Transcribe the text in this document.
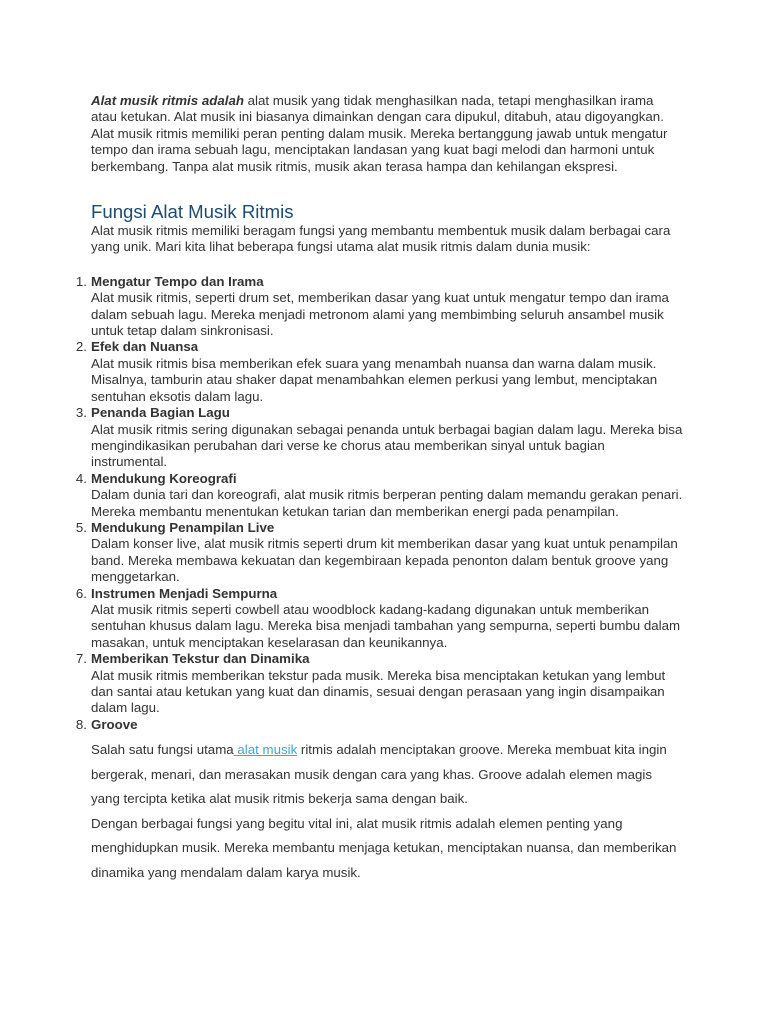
Alat musik ritmis adalah alat musik yang tidak menghasilkan nada, tetapi menghasilkan irama atau ketukan. Alat musik ini biasanya dimainkan dengan cara dipukul, ditabuh, atau digoyangkan.

Alat musik ritmis memiliki peran penting dalam musik. Mereka bertanggung jawab untuk mengatur tempo dan irama sebuah lagu, menciptakan landasan yang kuat bagi melodi dan harmoni untuk berkembang. Tanpa alat musik ritmis, musik akan terasa hampa dan kehilangan ekspresi.

Fungsi Alat Musik Ritmis

Alat musik ritmis memiliki beragam fungsi yang membantu membentuk musik dalam berbagai cara yang unik. Mari kita lihat beberapa fungsi utama alat musik ritmis dalam dunia musik:

1. Mengatur Tempo dan Irama
Alat musik ritmis, seperti drum set, memberikan dasar yang kuat untuk mengatur tempo dan irama dalam sebuah lagu. Mereka menjadi metronom alami yang membimbing seluruh ansambel musik untuk tetap dalam sinkronisasi.
2. Efek dan Nuansa
Alat musik ritmis bisa memberikan efek suara yang menambah nuansa dan warna dalam musik. Misalnya, tamburin atau shaker dapat menambahkan elemen perkusi yang lembut, menciptakan sentuhan eksotis dalam lagu.
3. Penanda Bagian Lagu
Alat musik ritmis sering digunakan sebagai penanda untuk berbagai bagian dalam lagu. Mereka bisa mengindikasikan perubahan dari verse ke chorus atau memberikan sinyal untuk bagian instrumental.
4. Mendukung Koreografi
Dalam dunia tari dan koreografi, alat musik ritmis berperan penting dalam memandu gerakan penari. Mereka membantu menentukan ketukan tarian dan memberikan energi pada penampilan.
5. Mendukung Penampilan Live
Dalam konser live, alat musik ritmis seperti drum kit memberikan dasar yang kuat untuk penampilan band. Mereka membawa kekuatan dan kegembiraan kepada penonton dalam bentuk groove yang menggetarkan.
6. Instrumen Menjadi Sempurna
Alat musik ritmis seperti cowbell atau woodblock kadang-kadang digunakan untuk memberikan sentuhan khusus dalam lagu. Mereka bisa menjadi tambahan yang sempurna, seperti bumbu dalam masakan, untuk menciptakan keselarasan dan keunikannya.
7. Memberikan Tekstur dan Dinamika
Alat musik ritmis memberikan tekstur pada musik. Mereka bisa menciptakan ketukan yang lembut dan santai atau ketukan yang kuat dan dinamis, sesuai dengan perasaan yang ingin disampaikan dalam lagu.
8. Groove

Salah satu fungsi utama alat musik ritmis adalah menciptakan groove. Mereka membuat kita ingin bergerak, menari, dan merasakan musik dengan cara yang khas. Groove adalah elemen magis yang tercipta ketika alat musik ritmis bekerja sama dengan baik.

Dengan berbagai fungsi yang begitu vital ini, alat musik ritmis adalah elemen penting yang menghidupkan musik. Mereka membantu menjaga ketukan, menciptakan nuansa, dan memberikan dinamika yang mendalam dalam karya musik.
